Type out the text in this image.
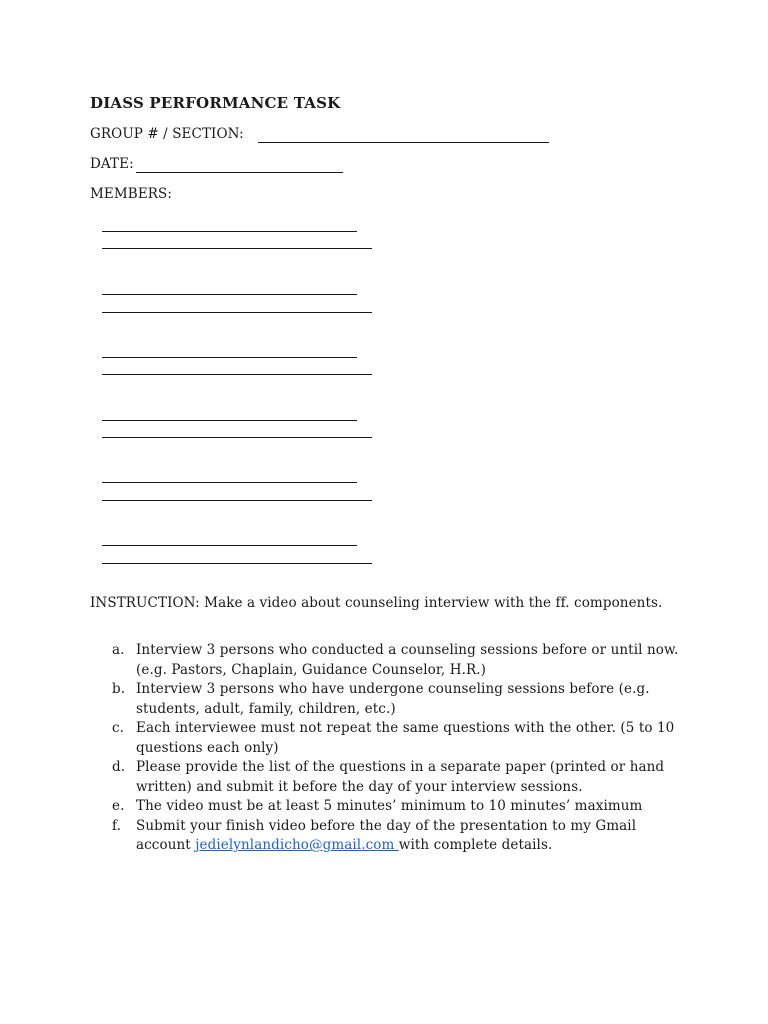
DIASS PERFORMANCE TASK
GROUP # / SECTION:
DATE:
MEMBERS:
INSTRUCTION: Make a video about counseling interview with the ff. components.
a. Interview 3 persons who conducted a counseling sessions before or until now. (e.g. Pastors, Chaplain, Guidance Counselor, H.R.)
b. Interview 3 persons who have undergone counseling sessions before (e.g. students, adult, family, children, etc.)
c. Each interviewee must not repeat the same questions with the other. (5 to 10 questions each only)
d. Please provide the list of the questions in a separate paper (printed or hand written) and submit it before the day of your interview sessions.
e. The video must be at least 5 minutes’ minimum to 10 minutes’ maximum
f. Submit your finish video before the day of the presentation to my Gmail account jedielynlandicho@gmail.com with complete details.
